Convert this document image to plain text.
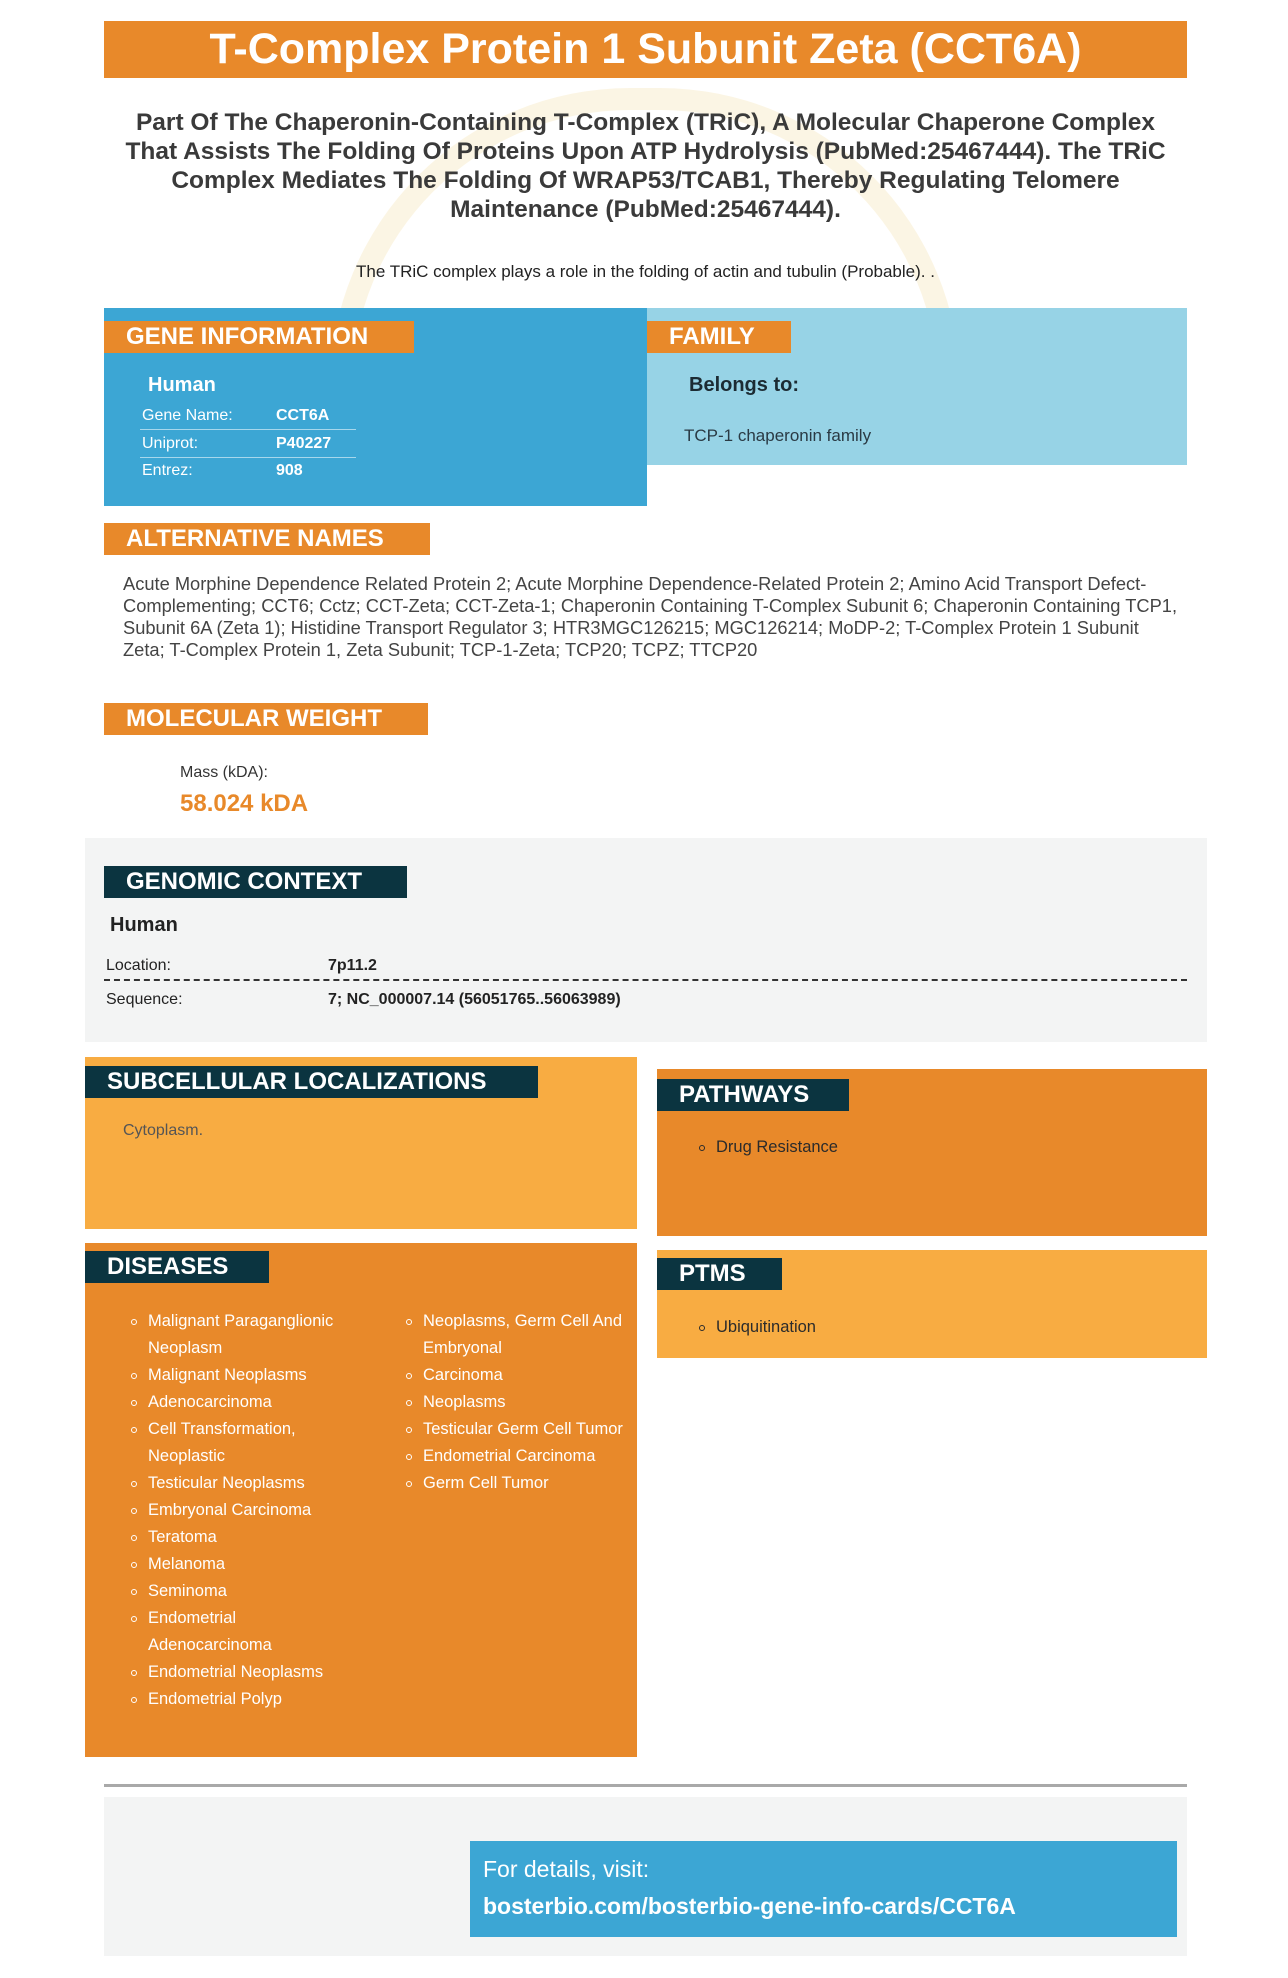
T-Complex Protein 1 Subunit Zeta (CCT6A)
Part Of The Chaperonin-Containing T-Complex (TRiC), A Molecular Chaperone Complex That Assists The Folding Of Proteins Upon ATP Hydrolysis (PubMed:25467444). The TRiC Complex Mediates The Folding Of WRAP53/TCAB1, Thereby Regulating Telomere Maintenance (PubMed:25467444).
The TRiC complex plays a role in the folding of actin and tubulin (Probable). .
GENE INFORMATION
Human
Gene Name:	CCT6A
Uniprot:	P40227
Entrez:	908
FAMILY
Belongs to:
TCP-1 chaperonin family
ALTERNATIVE NAMES
Acute Morphine Dependence Related Protein 2; Acute Morphine Dependence-Related Protein 2; Amino Acid Transport Defect-Complementing; CCT6; Cctz; CCT-Zeta; CCT-Zeta-1; Chaperonin Containing T-Complex Subunit 6; Chaperonin Containing TCP1, Subunit 6A (Zeta 1); Histidine Transport Regulator 3; HTR3MGC126215; MGC126214; MoDP-2; T-Complex Protein 1 Subunit Zeta; T-Complex Protein 1, Zeta Subunit; TCP-1-Zeta; TCP20; TCPZ; TTCP20
MOLECULAR WEIGHT
Mass (kDA):
58.024 kDA
GENOMIC CONTEXT
Human
Location:	7p11.2
Sequence:	7; NC_000007.14 (56051765..56063989)
SUBCELLULAR LOCALIZATIONS
Cytoplasm.
PATHWAYS
Drug Resistance
PTMS
Ubiquitination
DISEASES
Malignant Paraganglionic Neoplasm
Malignant Neoplasms
Adenocarcinoma
Cell Transformation, Neoplastic
Testicular Neoplasms
Embryonal Carcinoma
Teratoma
Melanoma
Seminoma
Endometrial Adenocarcinoma
Endometrial Neoplasms
Endometrial Polyp
Neoplasms, Germ Cell And Embryonal
Carcinoma
Neoplasms
Testicular Germ Cell Tumor
Endometrial Carcinoma
Germ Cell Tumor
For details, visit:
bosterbio.com/bosterbio-gene-info-cards/CCT6A
